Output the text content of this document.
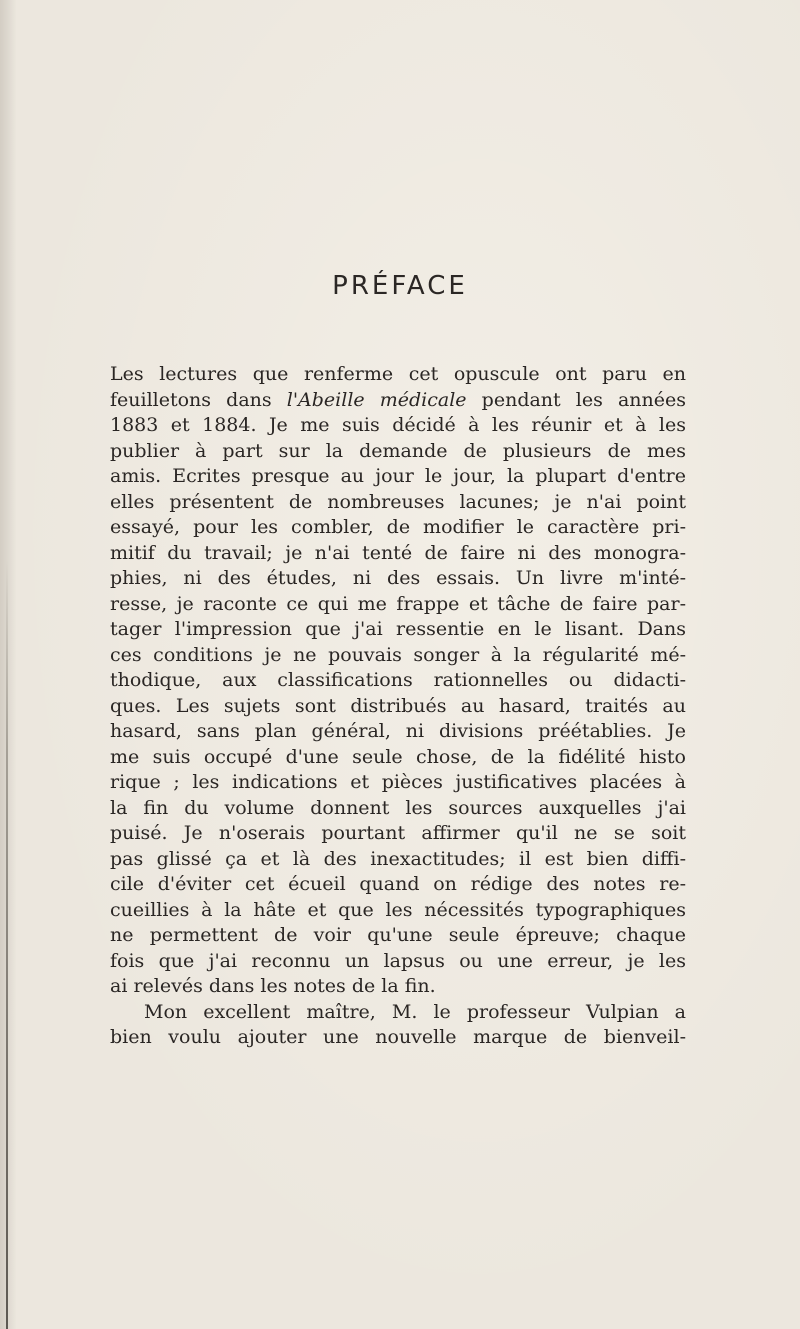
PRÉFACE
Les lectures que renferme cet opuscule ont paru en
feuilletons dans l'Abeille médicale pendant les années
1883 et 1884. Je me suis décidé à les réunir et à les
publier à part sur la demande de plusieurs de mes
amis. Ecrites presque au jour le jour, la plupart d'entre
elles présentent de nombreuses lacunes; je n'ai point
essayé, pour les combler, de modifier le caractère pri-
mitif du travail; je n'ai tenté de faire ni des monogra-
phies, ni des études, ni des essais. Un livre m'inté-
resse, je raconte ce qui me frappe et tâche de faire par-
tager l'impression que j'ai ressentie en le lisant. Dans
ces conditions je ne pouvais songer à la régularité mé-
thodique, aux classifications rationnelles ou didacti-
ques. Les sujets sont distribués au hasard, traités au
hasard, sans plan général, ni divisions préétablies. Je
me suis occupé d'une seule chose, de la fidélité histo
rique ; les indications et pièces justificatives placées à
la fin du volume donnent les sources auxquelles j'ai
puisé. Je n'oserais pourtant affirmer qu'il ne se soit
pas glissé ça et là des inexactitudes; il est bien diffi-
cile d'éviter cet écueil quand on rédige des notes re-
cueillies à la hâte et que les nécessités typographiques
ne permettent de voir qu'une seule épreuve; chaque
fois que j'ai reconnu un lapsus ou une erreur, je les
ai relevés dans les notes de la fin.
Mon excellent maître, M. le professeur Vulpian a
bien voulu ajouter une nouvelle marque de bienveil-
